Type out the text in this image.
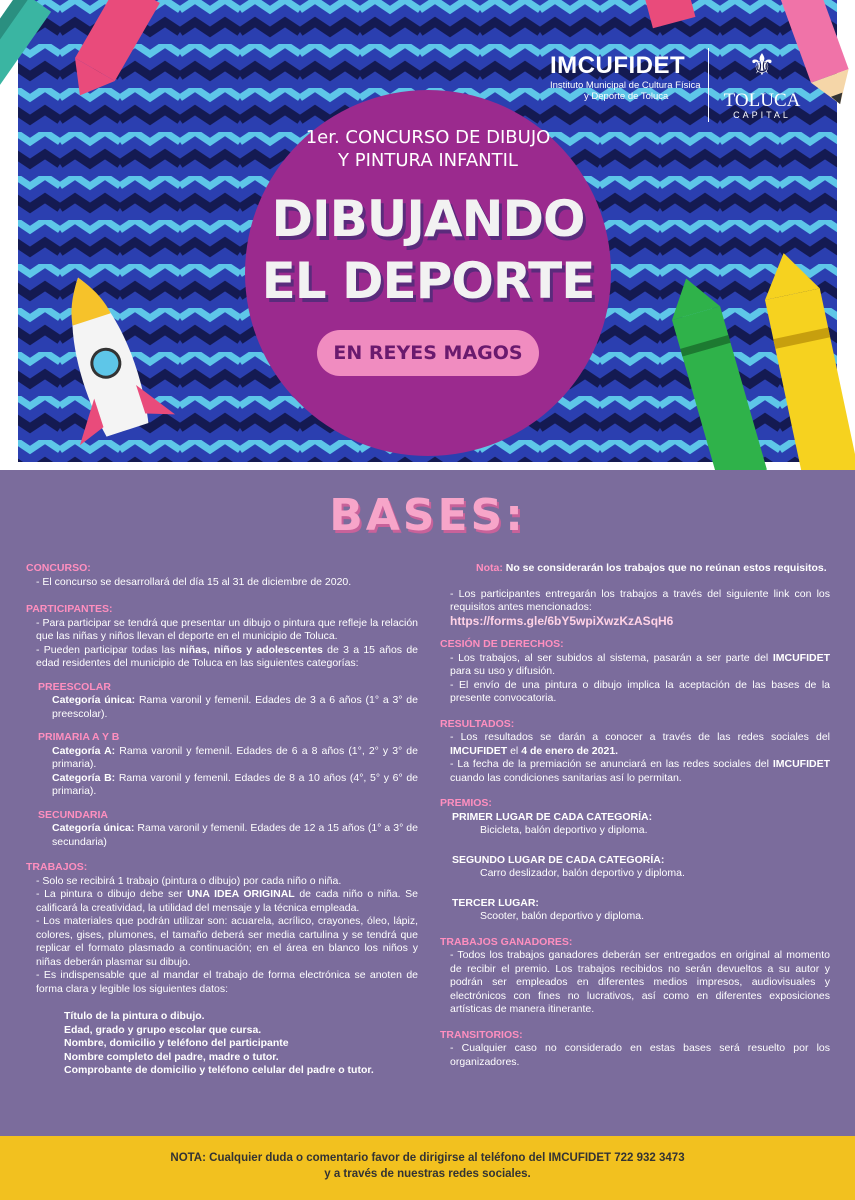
IMCUFIDET
Instituto Municipal de Cultura Física
y Deporte de Toluca
⚜
TOLUCA
CAPITAL
1er. CONCURSO DE DIBUJO
Y PINTURA INFANTIL
DIBUJANDO
EL DEPORTE
EN REYES MAGOS
BASES:
CONCURSO:

- El concurso se desarrollará del día 15 al 31 de diciembre de 2020.

PARTICIPANTES:

- Para participar se tendrá que presentar un dibujo o pintura que refleje la relación que las niñas y niños llevan el deporte en el municipio de Toluca.

- Pueden participar todas las niñas, niños y adolescentes de 3 a 15 años de edad residentes del municipio de Toluca en las siguientes categorías:

PREESCOLAR

Categoría única: Rama varonil y femenil. Edades de 3 a 6 años (1° a 3° de preescolar).

PRIMARIA A Y B

Categoría A: Rama varonil y femenil. Edades de 6 a 8 años (1°, 2° y 3° de primaria).

Categoría B: Rama varonil y femenil. Edades de 8 a 10 años (4°, 5° y 6° de primaria).

SECUNDARIA

Categoría única: Rama varonil y femenil. Edades de 12 a 15 años (1° a 3° de secundaria)

TRABAJOS:

- Solo se recibirá 1 trabajo (pintura o dibujo) por cada niño o niña.

- La pintura o dibujo debe ser UNA IDEA ORIGINAL de cada niño o niña. Se calificará la creatividad, la utilidad del mensaje y la técnica empleada.

- Los materiales que podrán utilizar son: acuarela, acrílico, crayones, óleo, lápiz, colores, gises, plumones, el tamaño deberá ser media cartulina y se tendrá que replicar el formato plasmado a continuación; en el área en blanco los niños y niñas deberán plasmar su dibujo.

- Es indispensable que al mandar el trabajo de forma electrónica se anoten de forma clara y legible los siguientes datos:

Título de la pintura o dibujo.
Edad, grado y grupo escolar que cursa.
Nombre, domicilio y teléfono del participante
Nombre completo del padre, madre o tutor.
Comprobante de domicilio y teléfono celular del padre o tutor.

Nota: No se considerarán los trabajos que no reúnan estos requisitos.

- Los participantes entregarán los trabajos a través del siguiente link con los requisitos antes mencionados:

https://forms.gle/6bY5wpiXwzKzASqH6
CESIÓN DE DERECHOS:

- Los trabajos, al ser subidos al sistema, pasarán a ser parte del IMCUFIDET para su uso y difusión.

- El envío de una pintura o dibujo implica la aceptación de las bases de la presente convocatoria.

RESULTADOS:

- Los resultados se darán a conocer a través de las redes sociales del IMCUFIDET el 4 de enero de 2021.

- La fecha de la premiación se anunciará en las redes sociales del IMCUFIDET cuando las condiciones sanitarias así lo permitan.

PREMIOS:
PRIMER LUGAR DE CADA CATEGORÍA:
Bicicleta, balón deportivo y diploma.
SEGUNDO LUGAR DE CADA CATEGORÍA:
Carro deslizador, balón deportivo y diploma.
TERCER LUGAR:
Scooter, balón deportivo y diploma.
TRABAJOS GANADORES:

- Todos los trabajos ganadores deberán ser entregados en original al momento de recibir el premio. Los trabajos recibidos no serán devueltos a su autor y podrán ser empleados en diferentes medios impresos, audiovisuales y electrónicos con fines no lucrativos, así como en diferentes exposiciones artísticas de manera itinerante.

TRANSITORIOS:

- Cualquier caso no considerado en estas bases será resuelto por los organizadores.

NOTA: Cualquier duda o comentario favor de dirigirse al teléfono del IMCUFIDET 722 932 3473
y a través de nuestras redes sociales.
